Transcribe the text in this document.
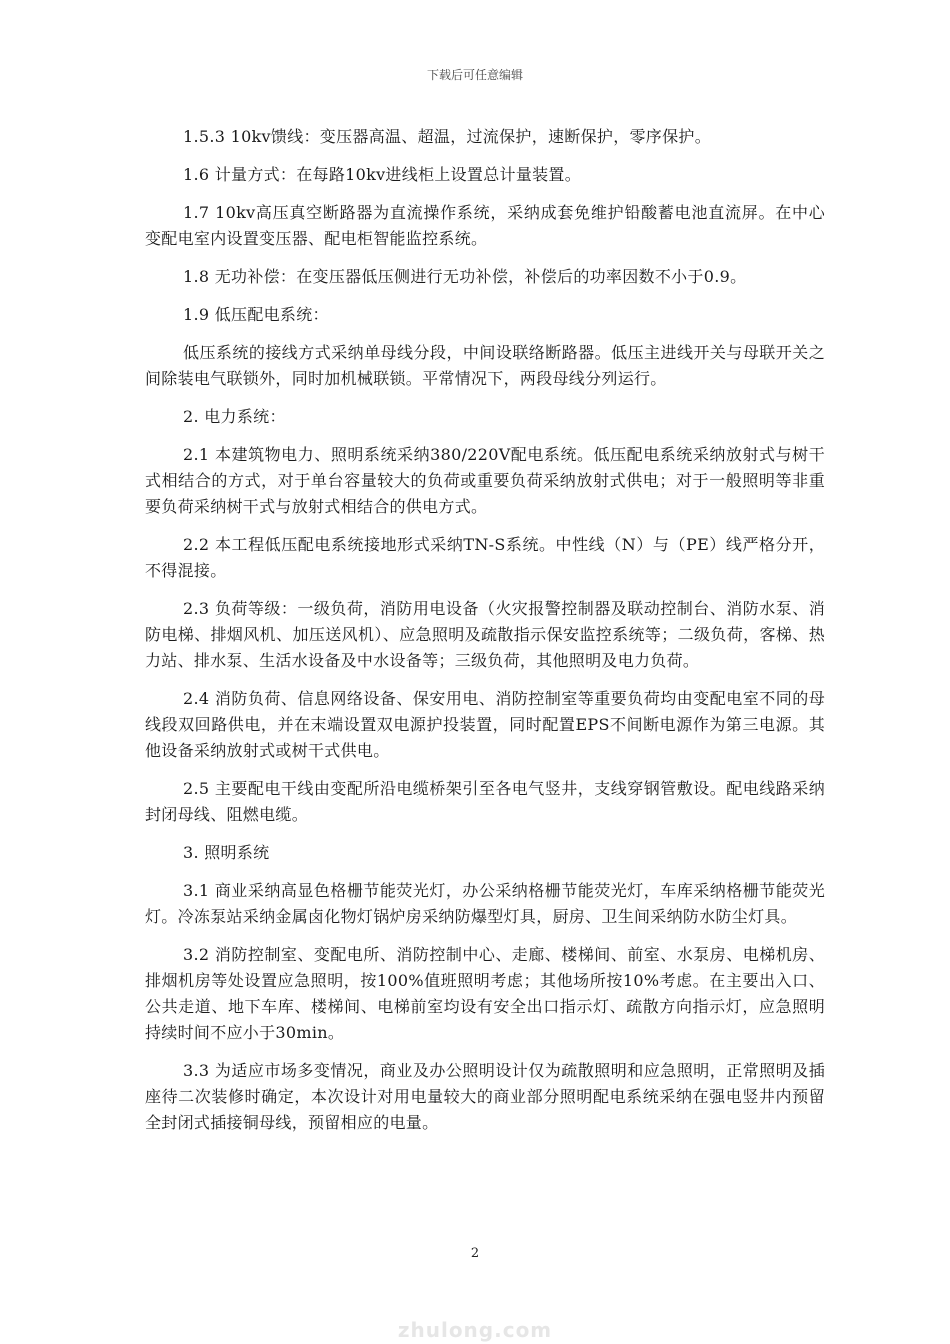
下载后可任意编辑

1.5.3 10kv馈线：变压器高温、超温，过流保护，速断保护，零序保护。

1.6 计量方式：在每路10kv进线柜上设置总计量装置。

1.7 10kv高压真空断路器为直流操作系统，采纳成套免维护铅酸蓄电池直流屏。在中心变配电室内设置变压器、配电柜智能监控系统。

1.8 无功补偿：在变压器低压侧进行无功补偿，补偿后的功率因数不小于0.9。

1.9 低压配电系统：

低压系统的接线方式采纳单母线分段，中间设联络断路器。低压主进线开关与母联开关之间除装电气联锁外，同时加机械联锁。平常情况下，两段母线分列运行。

2. 电力系统：

2.1 本建筑物电力、照明系统采纳380/220V配电系统。低压配电系统采纳放射式与树干式相结合的方式，对于单台容量较大的负荷或重要负荷采纳放射式供电；对于一般照明等非重要负荷采纳树干式与放射式相结合的供电方式。

2.2 本工程低压配电系统接地形式采纳TN-S系统。中性线（N）与（PE）线严格分开，不得混接。

2.3 负荷等级：一级负荷，消防用电设备（火灾报警控制器及联动控制台、消防水泵、消防电梯、排烟风机、加压送风机）、应急照明及疏散指示保安监控系统等；二级负荷，客梯、热力站、排水泵、生活水设备及中水设备等；三级负荷，其他照明及电力负荷。

2.4 消防负荷、信息网络设备、保安用电、消防控制室等重要负荷均由变配电室不同的母线段双回路供电，并在末端设置双电源护投装置，同时配置EPS不间断电源作为第三电源。其他设备采纳放射式或树干式供电。

2.5 主要配电干线由变配所沿电缆桥架引至各电气竖井，支线穿钢管敷设。配电线路采纳封闭母线、阻燃电缆。

3. 照明系统

3.1 商业采纳高显色格栅节能荧光灯，办公采纳格栅节能荧光灯，车库采纳格栅节能荧光灯。冷冻泵站采纳金属卤化物灯锅炉房采纳防爆型灯具，厨房、卫生间采纳防水防尘灯具。

3.2 消防控制室、变配电所、消防控制中心、走廊、楼梯间、前室、水泵房、电梯机房、排烟机房等处设置应急照明，按100%值班照明考虑；其他场所按10%考虑。在主要出入口、公共走道、地下车库、楼梯间、电梯前室均设有安全出口指示灯、疏散方向指示灯，应急照明持续时间不应小于30min。

3.3 为适应市场多变情况，商业及办公照明设计仅为疏散照明和应急照明，正常照明及插座待二次装修时确定，本次设计对用电量较大的商业部分照明配电系统采纳在强电竖井内预留全封闭式插接铜母线，预留相应的电量。

2
zhulong.com
